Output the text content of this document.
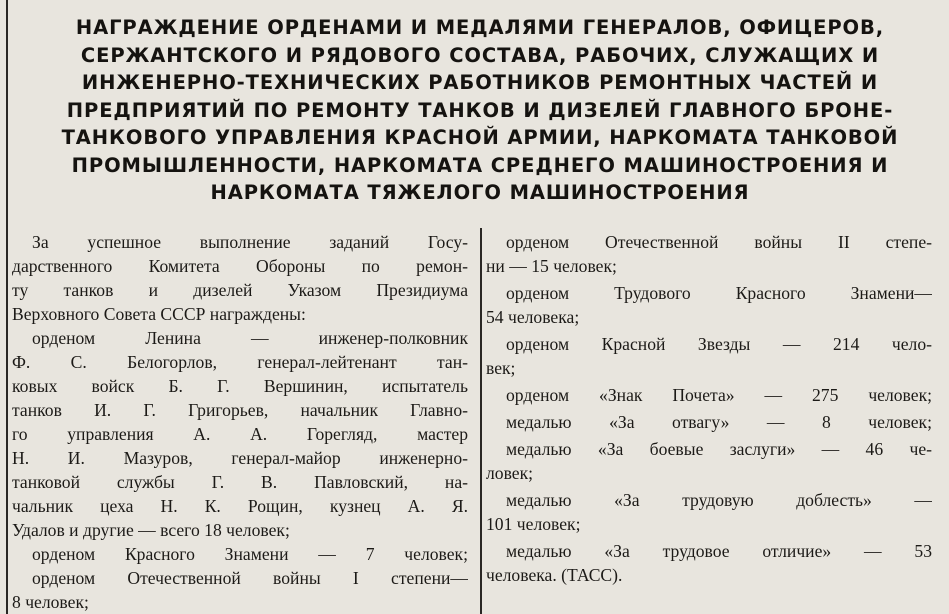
НАГРАЖДЕНИЕ ОРДЕНАМИ И МЕДАЛЯМИ ГЕНЕРАЛОВ, ОФИЦЕРОВ,
СЕРЖАНТСКОГО И РЯДОВОГО СОСТАВА, РАБОЧИХ, СЛУЖАЩИХ И
ИНЖЕНЕРНО-ТЕХНИЧЕСКИХ РАБОТНИКОВ РЕМОНТНЫХ ЧАСТЕЙ И
ПРЕДПРИЯТИЙ ПО РЕМОНТУ ТАНКОВ И ДИЗЕЛЕЙ ГЛАВНОГО БРОНЕ-
ТАНКОВОГО УПРАВЛЕНИЯ КРАСНОЙ АРМИИ, НАРКОМАТА ТАНКОВОЙ
ПРОМЫШЛЕННОСТИ, НАРКОМАТА СРЕДНЕГО МАШИНОСТРОЕНИЯ И
НАРКОМАТА ТЯЖЕЛОГО МАШИНОСТРОЕНИЯ
За успешное выполнение заданий Госу-
дарственного Комитета Обороны по ремон-
ту танков и дизелей Указом Президиума
Верховного Совета СССР награждены:
орденом Ленина — инженер-полковник
Ф. С. Белогорлов, генерал-лейтенант тан-
ковых войск Б. Г. Вершинин, испытатель
танков И. Г. Григорьев, начальник Главно-
го управления А. А. Горегляд, мастер
Н. И. Мазуров, генерал-майор инженерно-
танковой службы Г. В. Павловский, на-
чальник цеха Н. К. Рощин, кузнец А. Я.
Удалов и другие — всего 18 человек;
орденом Красного Знамени — 7 человек;
орденом Отечественной войны I степени—
8 человек;
орденом Отечественной войны II степе-
ни — 15 человек;
орденом Трудового Красного Знамени—
54 человека;
орденом Красной Звезды — 214 чело-
век;
орденом «Знак Почета» — 275 человек;
медалью «За отвагу» — 8 человек;
медалью «За боевые заслуги» — 46 че-
ловек;
медалью «За трудовую доблесть» —
101 человек;
медалью «За трудовое отличие» — 53
человека. (ТАСС).
